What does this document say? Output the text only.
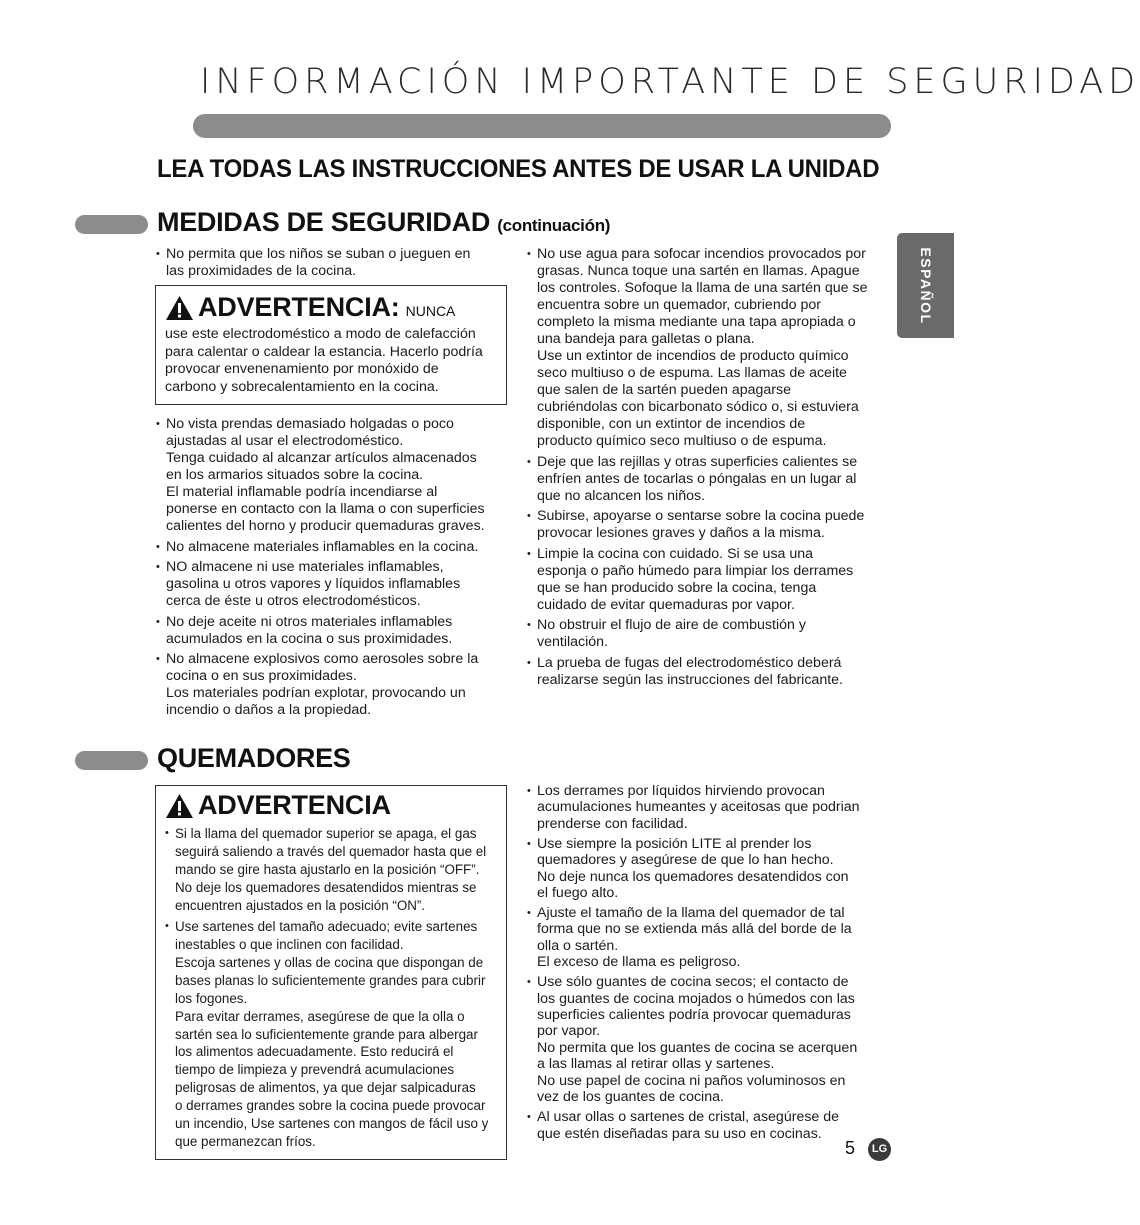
INFORMACIÓN IMPORTANTE DE SEGURIDAD
LEA TODAS LAS INSTRUCCIONES ANTES DE USAR LA UNIDAD
ESPAÑOL
MEDIDAS DE SEGURIDAD (continuación)
• No permita que los niños se suban o jueguen en
las proximidades de la cocina.
ADVERTENCIA: NUNCA
use este electrodoméstico a modo de calefacción
para calentar o caldear la estancia. Hacerlo podría
provocar envenenamiento por monóxido de
carbono y sobrecalentamiento en la cocina.
• No vista prendas demasiado holgadas o poco
ajustadas al usar el electrodoméstico.
Tenga cuidado al alcanzar artículos almacenados
en los armarios situados sobre la cocina.
El material inflamable podría incendiarse al
ponerse en contacto con la llama o con superficies
calientes del horno y producir quemaduras graves.
• No almacene materiales inflamables en la cocina.
• NO almacene ni use materiales inflamables,
gasolina u otros vapores y líquidos inflamables
cerca de éste u otros electrodomésticos.
• No deje aceite ni otros materiales inflamables
acumulados en la cocina o sus proximidades.
• No almacene explosivos como aerosoles sobre la
cocina o en sus proximidades.
Los materiales podrían explotar, provocando un
incendio o daños a la propiedad.
• No use agua para sofocar incendios provocados por
grasas. Nunca toque una sartén en llamas. Apague
los controles. Sofoque la llama de una sartén que se
encuentra sobre un quemador, cubriendo por
completo la misma mediante una tapa apropiada o
una bandeja para galletas o plana.
Use un extintor de incendios de producto químico
seco multiuso o de espuma. Las llamas de aceite
que salen de la sartén pueden apagarse
cubriéndolas con bicarbonato sódico o, si estuviera
disponible, con un extintor de incendios de
producto químico seco multiuso o de espuma.
• Deje que las rejillas y otras superficies calientes se
enfríen antes de tocarlas o póngalas en un lugar al
que no alcancen los niños.
• Subirse, apoyarse o sentarse sobre la cocina puede
provocar lesiones graves y daños a la misma.
• Limpie la cocina con cuidado. Si se usa una
esponja o paño húmedo para limpiar los derrames
que se han producido sobre la cocina, tenga
cuidado de evitar quemaduras por vapor.
• No obstruir el flujo de aire de combustión y
ventilación.
• La prueba de fugas del electrodoméstico deberá
realizarse según las instrucciones del fabricante.
QUEMADORES
ADVERTENCIA
• Si la llama del quemador superior se apaga, el gas
seguirá saliendo a través del quemador hasta que el
mando se gire hasta ajustarlo en la posición “OFF”.
No deje los quemadores desatendidos mientras se
encuentren ajustados en la posición “ON”.
• Use sartenes del tamaño adecuado; evite sartenes
inestables o que inclinen con facilidad.
Escoja sartenes y ollas de cocina que dispongan de
bases planas lo suficientemente grandes para cubrir
los fogones.
Para evitar derrames, asegúrese de que la olla o
sartén sea lo suficientemente grande para albergar
los alimentos adecuadamente. Esto reducirá el
tiempo de limpieza y prevendrá acumulaciones
peligrosas de alimentos, ya que dejar salpicaduras
o derrames grandes sobre la cocina puede provocar
un incendio, Use sartenes con mangos de fácil uso y
que permanezcan fríos.
• Los derrames por líquidos hirviendo provocan
acumulaciones humeantes y aceitosas que podrian
prenderse con facilidad.
• Use siempre la posición LITE al prender los
quemadores y asegúrese de que lo han hecho.
No deje nunca los quemadores desatendidos con
el fuego alto.
• Ajuste el tamaño de la llama del quemador de tal
forma que no se extienda más allá del borde de la
olla o sartén.
El exceso de llama es peligroso.
• Use sólo guantes de cocina secos; el contacto de
los guantes de cocina mojados o húmedos con las
superficies calientes podría provocar quemaduras
por vapor.
No permita que los guantes de cocina se acerquen
a las llamas al retirar ollas y sartenes.
No use papel de cocina ni paños voluminosos en
vez de los guantes de cocina.
• Al usar ollas o sartenes de cristal, asegúrese de
que estén diseñadas para su uso en cocinas.
5	LG
